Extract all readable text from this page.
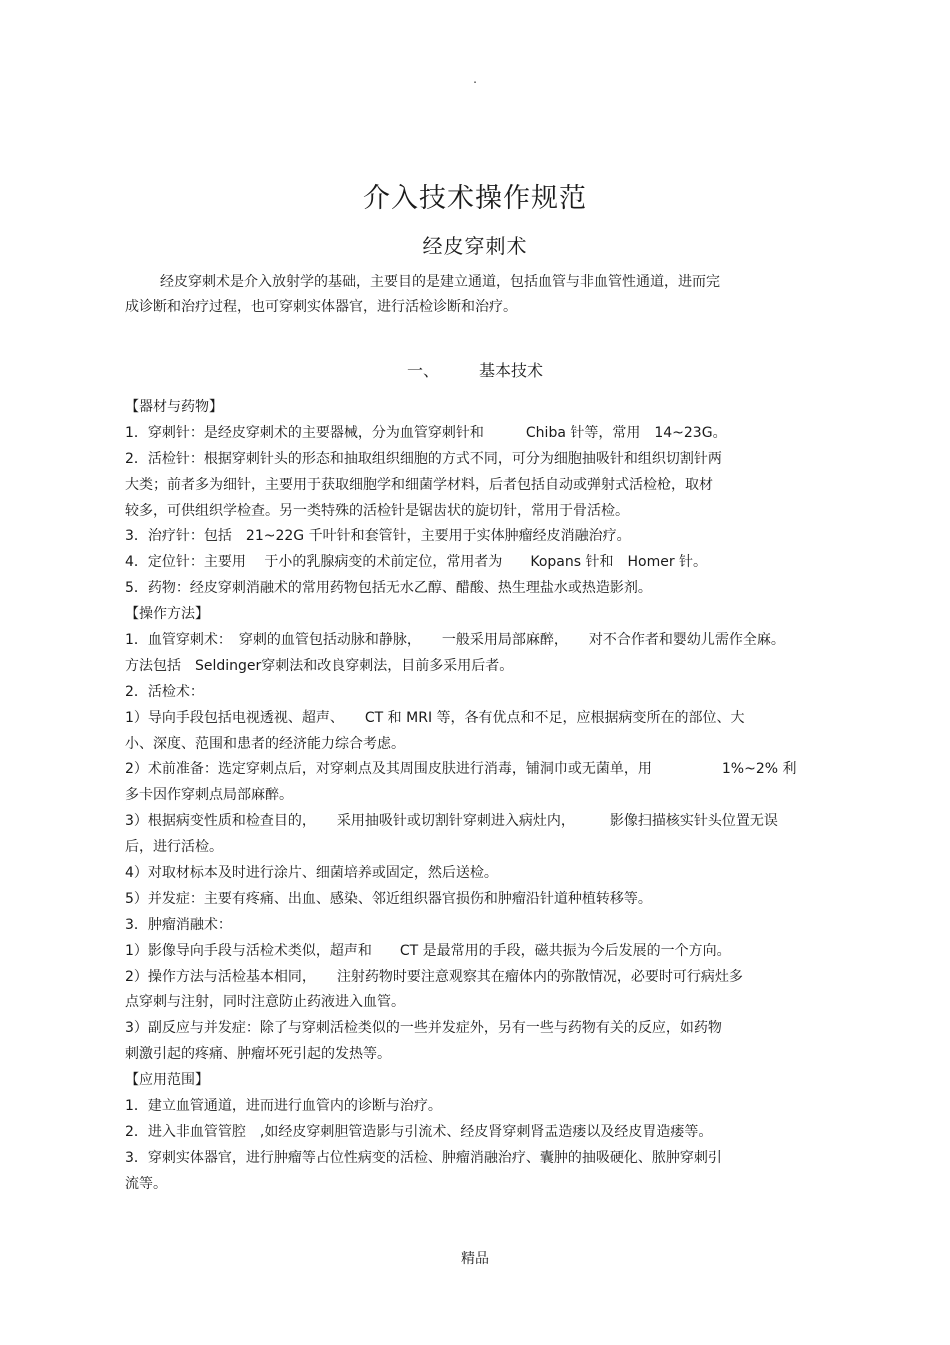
.
介入技术操作规范
经皮穿刺术
经皮穿刺术是介入放射学的基础，主要目的是建立通道，包括血管与非血管性通道，进而完
成诊断和治疗过程，也可穿刺实体器官，进行活检诊断和治疗。
一、	基本技术
【器材与药物】
1．穿刺针：是经皮穿刺术的主要器械，分为血管穿刺针和　　　Chiba 针等，常用　14~23G。
2．活检针：根据穿刺针头的形态和抽取组织细胞的方式不同，可分为细胞抽吸针和组织切割针两
大类；前者多为细针，主要用于获取细胞学和细菌学材料，后者包括自动或弹射式活检枪，取材
较多，可供组织学检查。另一类特殊的活检针是锯齿状的旋切针，常用于骨活检。
3．治疗针：包括　21~22G 千叶针和套管针，主要用于实体肿瘤经皮消融治疗。
4．定位针：主要用　 于小的乳腺病变的术前定位，常用者为　　Kopans 针和　Homer 针。
5．药物：经皮穿刺消融术的常用药物包括无水乙醇、醋酸、热生理盐水或热造影剂。
【操作方法】
1．血管穿刺术：　穿刺的血管包括动脉和静脉，　　一般采用局部麻醉，　　对不合作者和婴幼儿需作全麻。
方法包括　Seldinger穿刺法和改良穿刺法，目前多采用后者。
2．活检术：
1）导向手段包括电视透视、超声、　　CT 和 MRI 等，各有优点和不足，应根据病变所在的部位、大
小、深度、范围和患者的经济能力综合考虑。
2）术前准备：选定穿刺点后，对穿刺点及其周围皮肤进行消毒，铺洞巾或无菌单，用　　　　　1%~2% 利
多卡因作穿刺点局部麻醉。
3）根据病变性质和检查目的，　　采用抽吸针或切割针穿刺进入病灶内，　　　影像扫描核实针头位置无误
后，进行活检。
4）对取材标本及时进行涂片、细菌培养或固定，然后送检。
5）并发症：主要有疼痛、出血、感染、邻近组织器官损伤和肿瘤沿针道种植转移等。
3．肿瘤消融术：
1）影像导向手段与活检术类似，超声和　　CT 是最常用的手段，磁共振为今后发展的一个方向。
2）操作方法与活检基本相同，　　注射药物时要注意观察其在瘤体内的弥散情况，必要时可行病灶多
点穿刺与注射，同时注意防止药液进入血管。
3）副反应与并发症：除了与穿刺活检类似的一些并发症外，另有一些与药物有关的反应，如药物
刺激引起的疼痛、肿瘤坏死引起的发热等。
【应用范围】
1．建立血管通道，进而进行血管内的诊断与治疗。
2．进入非血管管腔　,如经皮穿刺胆管造影与引流术、经皮肾穿刺肾盂造瘘以及经皮胃造瘘等。
3．穿刺实体器官，进行肿瘤等占位性病变的活检、肿瘤消融治疗、囊肿的抽吸硬化、脓肿穿刺引
流等。
精品
